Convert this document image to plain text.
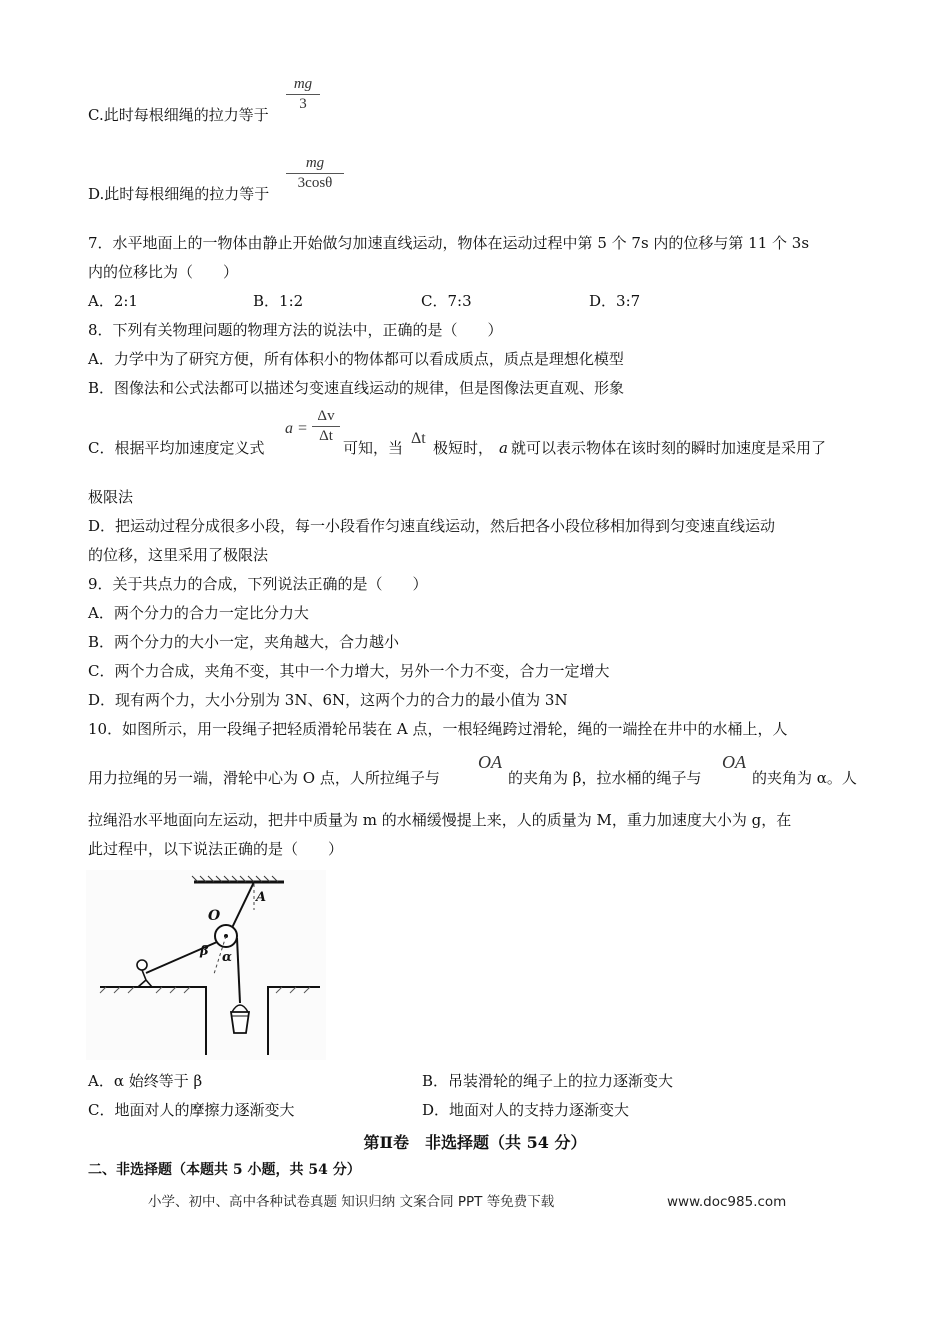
mg
3
C.此时每根细绳的拉力等于
mg
3cosθ
D.此时每根细绳的拉力等于
7．水平地面上的一物体由静止开始做匀加速直线运动，物体在运动过程中第 5 个 7s 内的位移与第 11 个 3s
内的位移比为（　　）
A．2:1	B．1:2	C．7:3	D．3:7
8．下列有关物理问题的物理方法的说法中，正确的是（　　）
A．力学中为了研究方便，所有体积小的物体都可以看成质点，质点是理想化模型
B．图像法和公式法都可以描述匀变速直线运动的规律，但是图像法更直观、形象
C．根据平均加速度定义式
a =
Δv
Δt
可知，当
Δt
极短时， a 就可以表示物体在该时刻的瞬时加速度是采用了
极限法
D．把运动过程分成很多小段，每一小段看作匀速直线运动，然后把各小段位移相加得到匀变速直线运动
的位移，这里采用了极限法
9．关于共点力的合成，下列说法正确的是（　　）
A．两个分力的合力一定比分力大
B．两个分力的大小一定，夹角越大，合力越小
C．两个力合成，夹角不变，其中一个力增大，另外一个力不变，合力一定增大
D．现有两个力，大小分别为 3N、6N，这两个力的合力的最小值为 3N
10．如图所示，用一段绳子把轻质滑轮吊装在 A 点，一根轻绳跨过滑轮，绳的一端拴在井中的水桶上，人
用力拉绳的另一端，滑轮中心为 O 点，人所拉绳子与
OA
的夹角为 β，拉水桶的绳子与
OA
的夹角为 α。人
拉绳沿水平地面向左运动，把井中质量为 m 的水桶缓慢提上来，人的质量为 M，重力加速度大小为 g，在
此过程中，以下说法正确的是（　　）
A
O
β α
A．α 始终等于 β	B．吊装滑轮的绳子上的拉力逐渐变大
C．地面对人的摩擦力逐渐变大	D．地面对人的支持力逐渐变大
第Ⅱ卷　非选择题（共 54 分）
二、非选择题（本题共 5 小题，共 54 分）
小学、初中、高中各种试卷真题 知识归纳 文案合同 PPT 等免费下载	www.doc985.com
